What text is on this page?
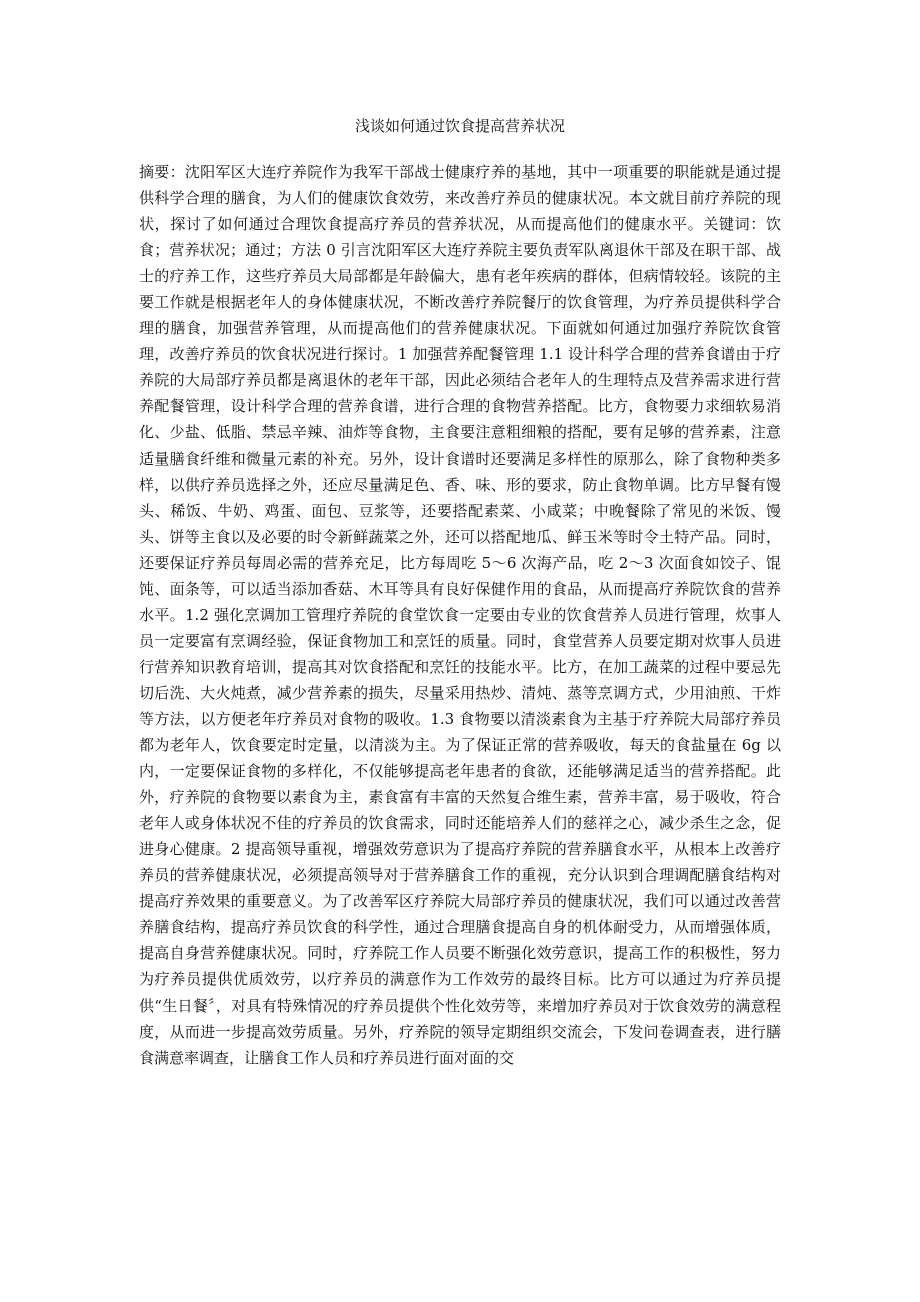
浅谈如何通过饮食提高营养状况

摘要：沈阳军区大连疗养院作为我军干部战士健康疗养的基地，其中一项重要的职能就是通过提供科学合理的膳食，为人们的健康饮食效劳，来改善疗养员的健康状况。本文就目前疗养院的现状，探讨了如何通过合理饮食提高疗养员的营养状况，从而提高他们的健康水平。关键词：饮食；营养状况；通过；方法 0 引言沈阳军区大连疗养院主要负责军队离退休干部及在职干部、战士的疗养工作，这些疗养员大局部都是年龄偏大，患有老年疾病的群体，但病情较轻。该院的主要工作就是根据老年人的身体健康状况，不断改善疗养院餐厅的饮食管理，为疗养员提供科学合理的膳食，加强营养管理，从而提高他们的营养健康状况。下面就如何通过加强疗养院饮食管理，改善疗养员的饮食状况进行探讨。1 加强营养配餐管理 1.1 设计科学合理的营养食谱由于疗养院的大局部疗养员都是离退休的老年干部，因此必须结合老年人的生理特点及营养需求进行营养配餐管理，设计科学合理的营养食谱，进行合理的食物营养搭配。比方，食物要力求细软易消化、少盐、低脂、禁忌辛辣、油炸等食物，主食要注意粗细粮的搭配，要有足够的营养素，注意适量膳食纤维和微量元素的补充。另外，设计食谱时还要满足多样性的原那么，除了食物种类多样，以供疗养员选择之外，还应尽量满足色、香、味、形的要求，防止食物单调。比方早餐有馒头、稀饭、牛奶、鸡蛋、面包、豆浆等，还要搭配素菜、小咸菜；中晚餐除了常见的米饭、馒头、饼等主食以及必要的时令新鲜蔬菜之外，还可以搭配地瓜、鲜玉米等时令土特产品。同时，还要保证疗养员每周必需的营养充足，比方每周吃 5～6 次海产品，吃 2～3 次面食如饺子、馄饨、面条等，可以适当添加香菇、木耳等具有良好保健作用的食品，从而提高疗养院饮食的营养水平。1.2 强化烹调加工管理疗养院的食堂饮食一定要由专业的饮食营养人员进行管理，炊事人员一定要富有烹调经验，保证食物加工和烹饪的质量。同时，食堂营养人员要定期对炊事人员进行营养知识教育培训，提高其对饮食搭配和烹饪的技能水平。比方，在加工蔬菜的过程中要忌先切后洗、大火炖煮，减少营养素的损失，尽量采用热炒、清炖、蒸等烹调方式，少用油煎、干炸等方法，以方便老年疗养员对食物的吸收。1.3 食物要以清淡素食为主基于疗养院大局部疗养员都为老年人，饮食要定时定量，以清淡为主。为了保证正常的营养吸收，每天的食盐量在 6g 以内，一定要保证食物的多样化，不仅能够提高老年患者的食欲，还能够满足适当的营养搭配。此外，疗养院的食物要以素食为主，素食富有丰富的天然复合维生素，营养丰富，易于吸收，符合老年人或身体状况不佳的疗养员的饮食需求，同时还能培养人们的慈祥之心，减少杀生之念，促进身心健康。2 提高领导重视，增强效劳意识为了提高疗养院的营养膳食水平，从根本上改善疗养员的营养健康状况，必须提高领导对于营养膳食工作的重视，充分认识到合理调配膳食结构对提高疗养效果的重要意义。为了改善军区疗养院大局部疗养员的健康状况，我们可以通过改善营养膳食结构，提高疗养员饮食的科学性，通过合理膳食提高自身的机体耐受力，从而增强体质，提高自身营养健康状况。同时，疗养院工作人员要不断强化效劳意识，提高工作的积极性，努力为疗养员提供优质效劳，以疗养员的满意作为工作效劳的最终目标。比方可以通过为疗养员提供“生日餐〞，对具有特殊情况的疗养员提供个性化效劳等，来增加疗养员对于饮食效劳的满意程度，从而进一步提高效劳质量。另外，疗养院的领导定期组织交流会，下发问卷调查表，进行膳食满意率调查，让膳食工作人员和疗养员进行面对面的交
